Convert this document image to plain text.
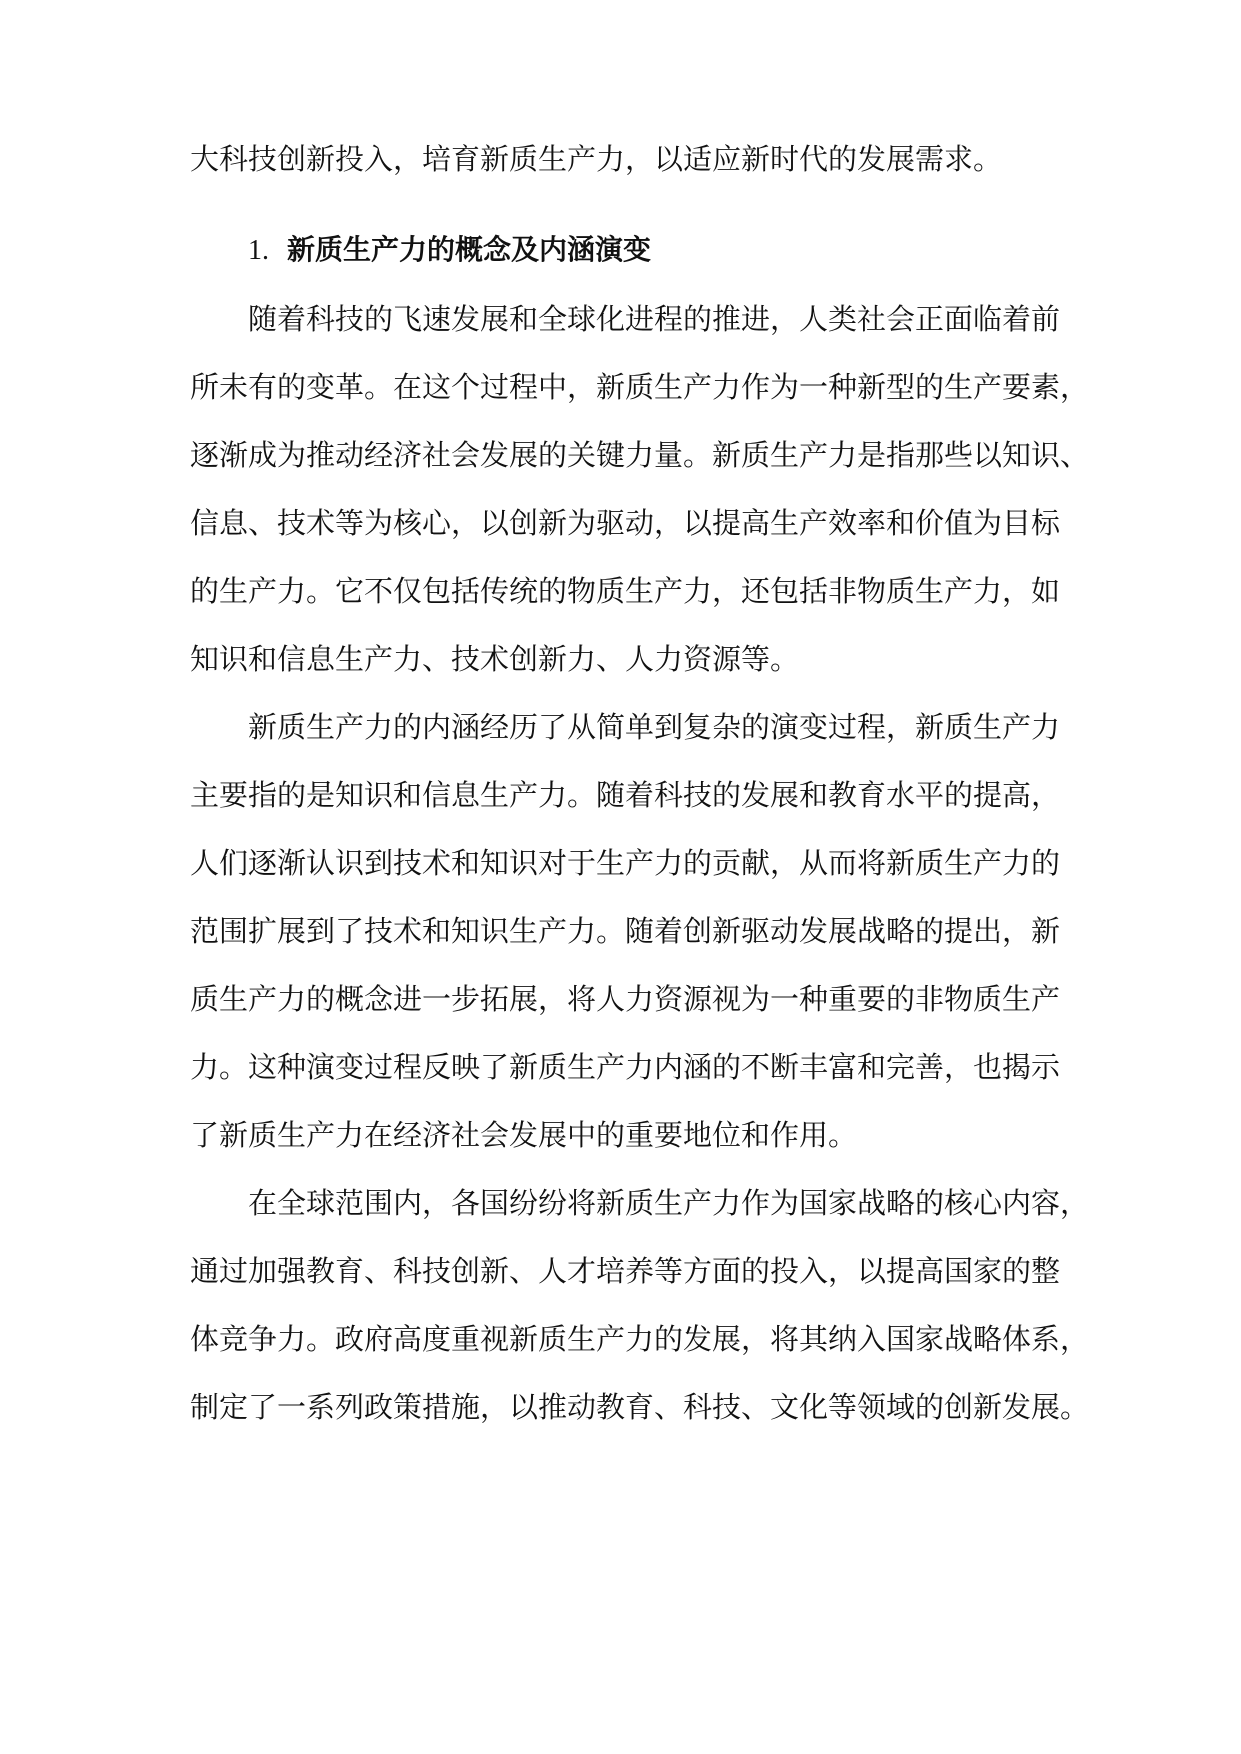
大科技创新投入，培育新质生产力，以适应新时代的发展需求。
1. 新质生产力的概念及内涵演变
随着科技的飞速发展和全球化进程的推进，人类社会正面临着前
所未有的变革。在这个过程中，新质生产力作为一种新型的生产要素，
逐渐成为推动经济社会发展的关键力量。新质生产力是指那些以知识、
信息、技术等为核心，以创新为驱动，以提高生产效率和价值为目标
的生产力。它不仅包括传统的物质生产力，还包括非物质生产力，如
知识和信息生产力、技术创新力、人力资源等。
新质生产力的内涵经历了从简单到复杂的演变过程，新质生产力
主要指的是知识和信息生产力。随着科技的发展和教育水平的提高，
人们逐渐认识到技术和知识对于生产力的贡献，从而将新质生产力的
范围扩展到了技术和知识生产力。随着创新驱动发展战略的提出，新
质生产力的概念进一步拓展，将人力资源视为一种重要的非物质生产
力。这种演变过程反映了新质生产力内涵的不断丰富和完善，也揭示
了新质生产力在经济社会发展中的重要地位和作用。
在全球范围内，各国纷纷将新质生产力作为国家战略的核心内容，
通过加强教育、科技创新、人才培养等方面的投入，以提高国家的整
体竞争力。政府高度重视新质生产力的发展，将其纳入国家战略体系，
制定了一系列政策措施，以推动教育、科技、文化等领域的创新发展。
